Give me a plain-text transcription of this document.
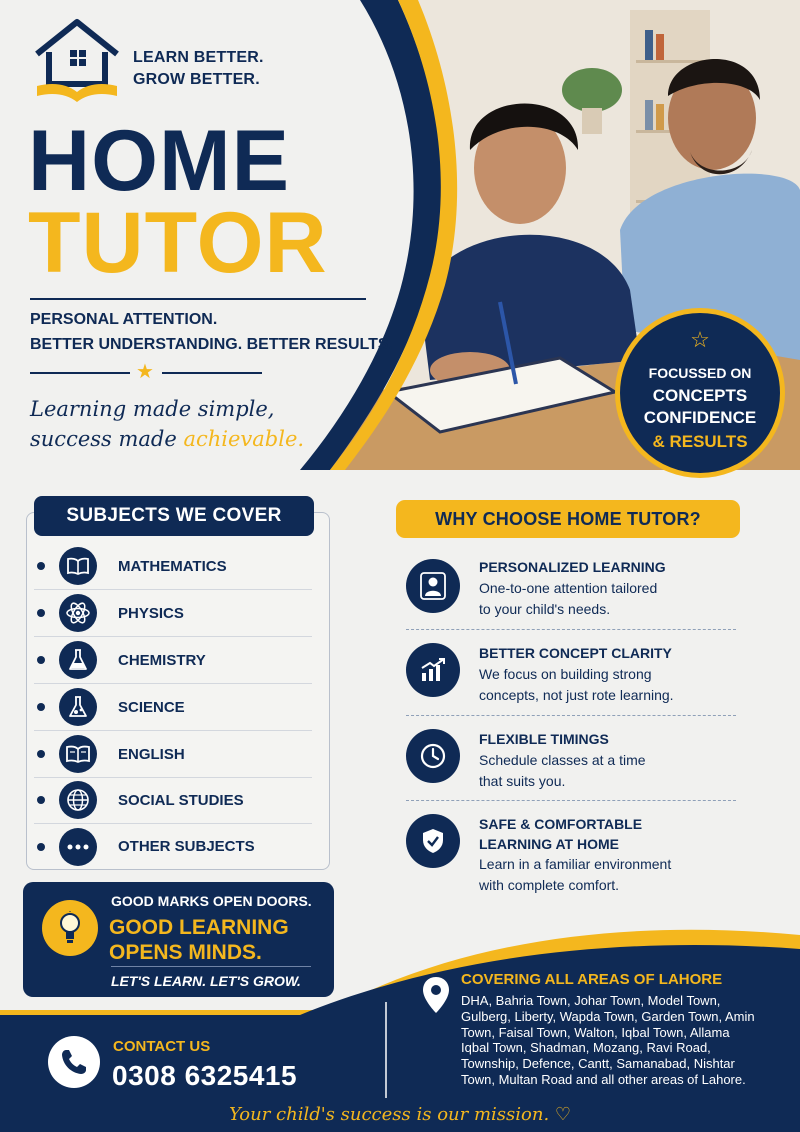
LEARN BETTER.
GROW BETTER.
HOME
TUTOR
PERSONAL ATTENTION.
BETTER UNDERSTANDING. BETTER RESULTS.
★
Learning made simple,
success made achievable.
☆
FOCUSSED ON
CONCEPTS
CONFIDENCE
& RESULTS
SUBJECTS WE COVER
MATHEMATICS
PHYSICS
CHEMISTRY
SCIENCE
ENGLISH
SOCIAL STUDIES
OTHER SUBJECTS
WHY CHOOSE HOME TUTOR?
PERSONALIZED LEARNING
One-to-one attention tailored
to your child's needs.
BETTER CONCEPT CLARITY
We focus on building strong
concepts, not just rote learning.
FLEXIBLE TIMINGS
Schedule classes at a time
that suits you.
SAFE & COMFORTABLE
LEARNING AT HOME
Learn in a familiar environment
with complete comfort.
GOOD MARKS OPEN DOORS.
GOOD LEARNING
OPENS MINDS.
LET'S LEARN. LET'S GROW.
CONTACT US
0308 6325415
COVERING ALL AREAS OF LAHORE
DHA, Bahria Town, Johar Town, Model Town, Gulberg, Liberty, Wapda Town, Garden Town, Amin Town, Faisal Town, Walton, Iqbal Town, Allama Iqbal Town, Shadman, Mozang, Ravi Road, Township, Defence, Cantt, Samanabad, Nishtar Town, Multan Road and all other areas of Lahore.
Your child's success is our mission. ♡
